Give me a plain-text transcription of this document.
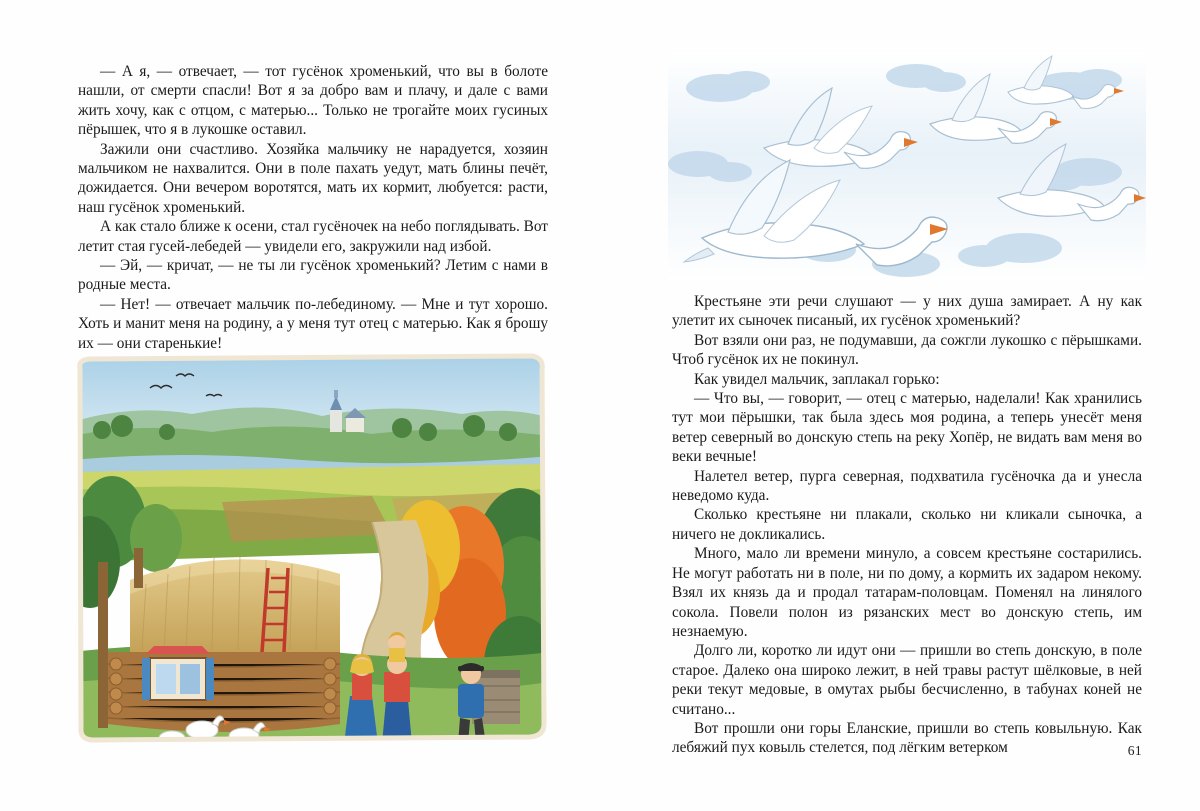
— А я, — отвечает, — тот гусёнок хроменький, что вы в болоте нашли, от смерти спасли! Вот я за добро вам и плачу, и дале с вами жить хочу, как с отцом, с матерью... Только не трогайте моих гусиных пёрышек, что я в лукошке оставил.

Зажили они счастливо. Хозяйка мальчику не нарадуется, хозяин мальчиком не нахвалится. Они в поле пахать уедут, мать блины печёт, дожидается. Они вечером воротятся, мать их кормит, любуется: расти, наш гусёнок хроменький.

А как стало ближе к осени, стал гусёночек на небо поглядывать. Вот летит стая гусей-лебедей — увидели его, закружили над избой.

— Эй, — кричат, — не ты ли гусёнок хроменький? Летим с нами в родные места.

— Нет! — отвечает мальчик по-лебединому. — Мне и тут хорошо. Хоть и манит меня на родину, а у меня тут отец с матерью. Как я брошу их — они старенькие!

Крестьяне эти речи слушают — у них душа замирает. А ну как улетит их сыночек писаный, их гусёнок хроменький?

Вот взяли они раз, не подумавши, да сожгли лукошко с пёрышками. Чтоб гусёнок их не покинул.

Как увидел мальчик, заплакал горько:

— Что вы, — говорит, — отец с матерью, наделали! Как хранились тут мои пёрышки, так была здесь моя родина, а теперь унесёт меня ветер северный во донскую степь на реку Хопёр, не видать вам меня во веки вечные!

Налетел ветер, пурга северная, подхватила гусёночка да и унесла неведомо куда.

Сколько крестьяне ни плакали, сколько ни кликали сыночка, а ничего не докликались.

Много, мало ли времени минуло, а совсем крестьяне состарились. Не могут работать ни в поле, ни по дому, а кормить их задаром некому. Взял их князь да и продал татарам-половцам. Поменял на линялого сокола. Повели полон из рязанских мест во донскую степь, им незнаемую.

Долго ли, коротко ли идут они — пришли во степь донскую, в поле старое. Далеко она широко лежит, в ней травы растут шёлковые, в ней реки текут медовые, в омутах рыбы бесчисленно, в табунах коней не считано...

Вот прошли они горы Еланские, пришли во степь ковыльную. Как лебяжий пух ковыль стелется, под лёгким ветерком	61
